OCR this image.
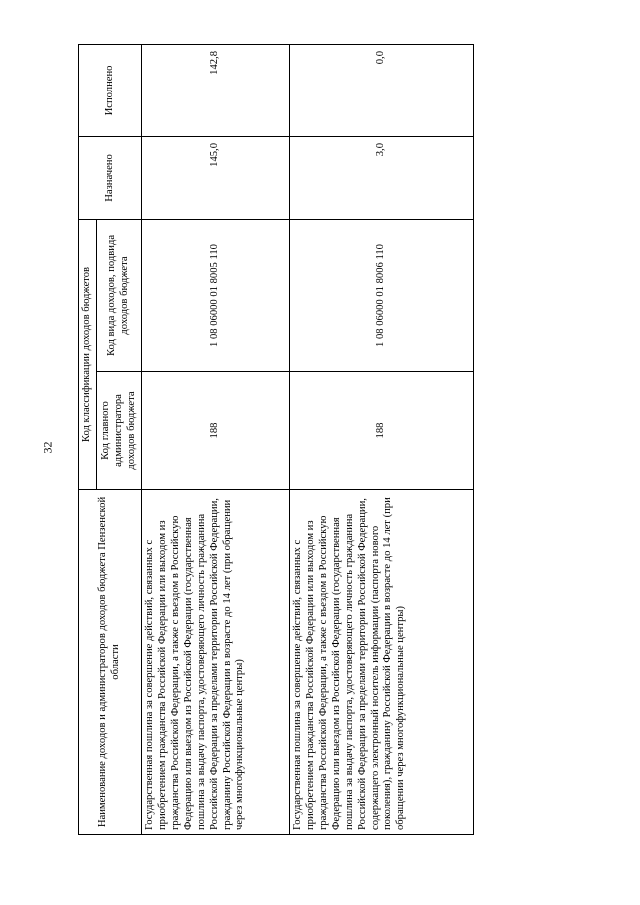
32
Наименование доходов и администраторов доходов бюджета Пензенской области	Код классификации доходов бюджетов		Назначено	Исполнено
	Код главного администратора доходов бюджета	Код вида доходов, подвида доходов бюджета		
Государственная пошлина за совершение действий, связанных с приобретением гражданства Российской Федерации или выходом из гражданства Российской Федерации, а также с въездом в Российскую Федерацию или выездом из Российской Федерации (государственная пошлина за выдачу паспорта, удостоверяющего личность гражданина Российской Федерации за пределами территории Российской Федерации, гражданину Российской Федерации в возрасте до 14 лет (при обращении через многофункциональные центры)	188	1 08 06000 01 8005 110	145,0	142,8
Государственная пошлина за совершение действий, связанных с приобретением гражданства Российской Федерации или выходом из гражданства Российской Федерации, а также с въездом в Российскую Федерацию или выездом из Российской Федерации (государственная пошлина за выдачу паспорта, удостоверяющего личность гражданина Российской Федерации за пределами территории Российской Федерации, содержащего электронный носитель информации (паспорта нового поколения), гражданину Российской Федерации в возрасте до 14 лет (при обращении через многофункциональные центры)	188	1 08 06000 01 8006 110	3,0	0,0
